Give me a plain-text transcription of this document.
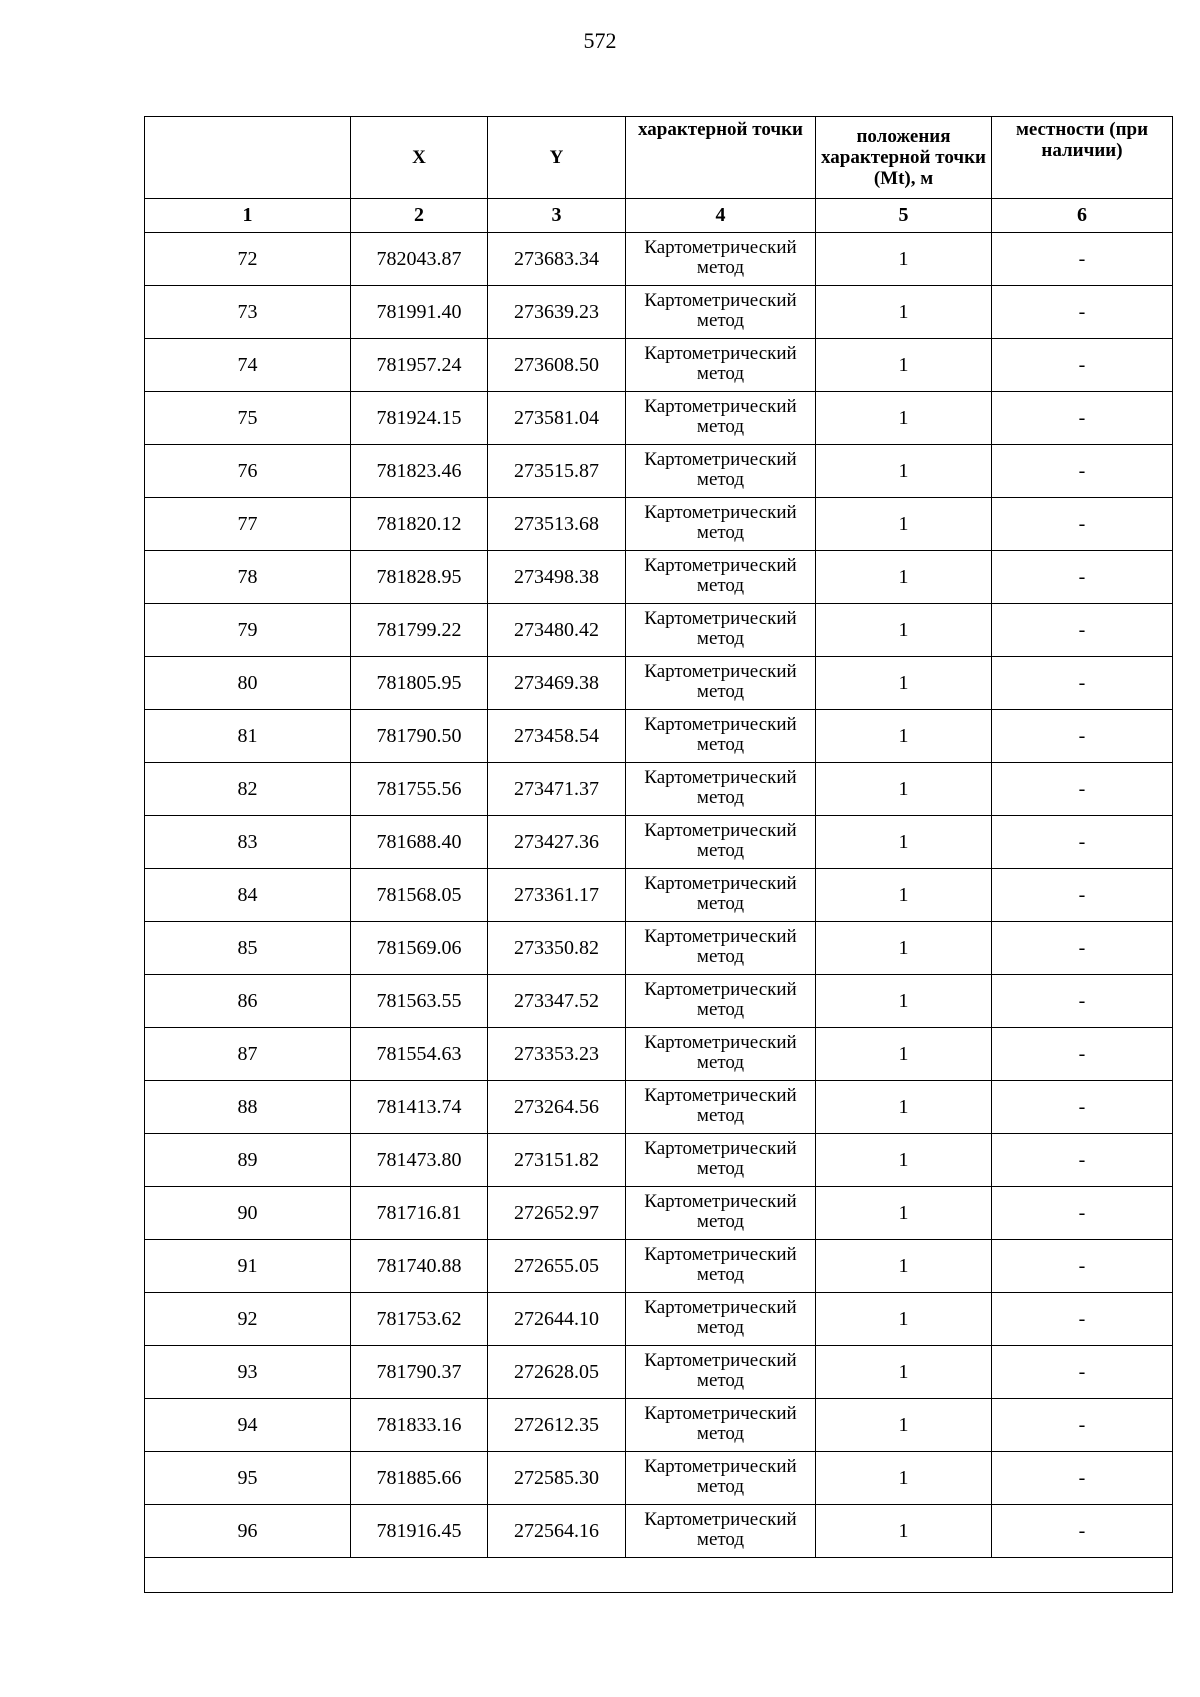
572
	X	Y	характерной точки	положения характерной точки (Mt), м	местности (при наличии)
1	2	3	4	5	6
72	782043.87	273683.34	Картометрический метод	1	-
73	781991.40	273639.23	Картометрический метод	1	-
74	781957.24	273608.50	Картометрический метод	1	-
75	781924.15	273581.04	Картометрический метод	1	-
76	781823.46	273515.87	Картометрический метод	1	-
77	781820.12	273513.68	Картометрический метод	1	-
78	781828.95	273498.38	Картометрический метод	1	-
79	781799.22	273480.42	Картометрический метод	1	-
80	781805.95	273469.38	Картометрический метод	1	-
81	781790.50	273458.54	Картометрический метод	1	-
82	781755.56	273471.37	Картометрический метод	1	-
83	781688.40	273427.36	Картометрический метод	1	-
84	781568.05	273361.17	Картометрический метод	1	-
85	781569.06	273350.82	Картометрический метод	1	-
86	781563.55	273347.52	Картометрический метод	1	-
87	781554.63	273353.23	Картометрический метод	1	-
88	781413.74	273264.56	Картометрический метод	1	-
89	781473.80	273151.82	Картометрический метод	1	-
90	781716.81	272652.97	Картометрический метод	1	-
91	781740.88	272655.05	Картометрический метод	1	-
92	781753.62	272644.10	Картометрический метод	1	-
93	781790.37	272628.05	Картометрический метод	1	-
94	781833.16	272612.35	Картометрический метод	1	-
95	781885.66	272585.30	Картометрический метод	1	-
96	781916.45	272564.16	Картометрический метод	1	-
